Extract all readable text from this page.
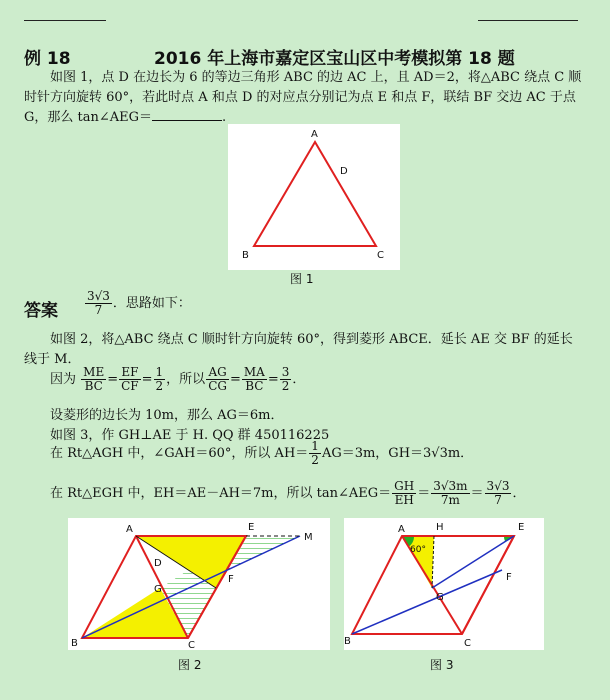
例 18	2016 年上海市嘉定区宝山区中考模拟第 18 题
如图 1，点 D 在边长为 6 的等边三角形 ABC 的边 AC 上，且 AD＝2，将△ABC 绕点 C 顺时针方向旋转 60°，若此时点 A 和点 D 的对应点分别记为点 E 和点 F，联结 BF 交边 AC 于点 G，那么 tan∠AEG＝	.
A
B	C
D
图 1
答案 $\frac{3√3}{7}$ ．思路如下：
如图 2，将△ABC 绕点 C 顺时针方向旋转 60°，得到菱形 ABCE．延长 AE 交 BF 的延长线于 M．
因为 $\frac{ME}{BC} = \frac{EF}{CF} = \frac{1}{2}$ ，所以 $\frac{AG}{CG} = \frac{MA}{BC} = \frac{3}{2}$ ．
设菱形的边长为 10m，那么 AG＝6m．
如图 3，作 GH⊥AE 于 H. QQ 群 450116225
在 Rt△AGH 中，∠GAH＝60°，所以 $AH= \frac{1}{2} AG=3m$，GH＝3√3m．
在 Rt△EGH 中，EH＝AE－AH＝7m，所以 tan∠AEG＝ $\frac{GH}{EH} = \frac{3√3m}{7m} = \frac{3√3}{7}$ ．
A
B	C
D
E
F
G
M
图 2
60°
A
B	C
E
F
G
H
图 3
